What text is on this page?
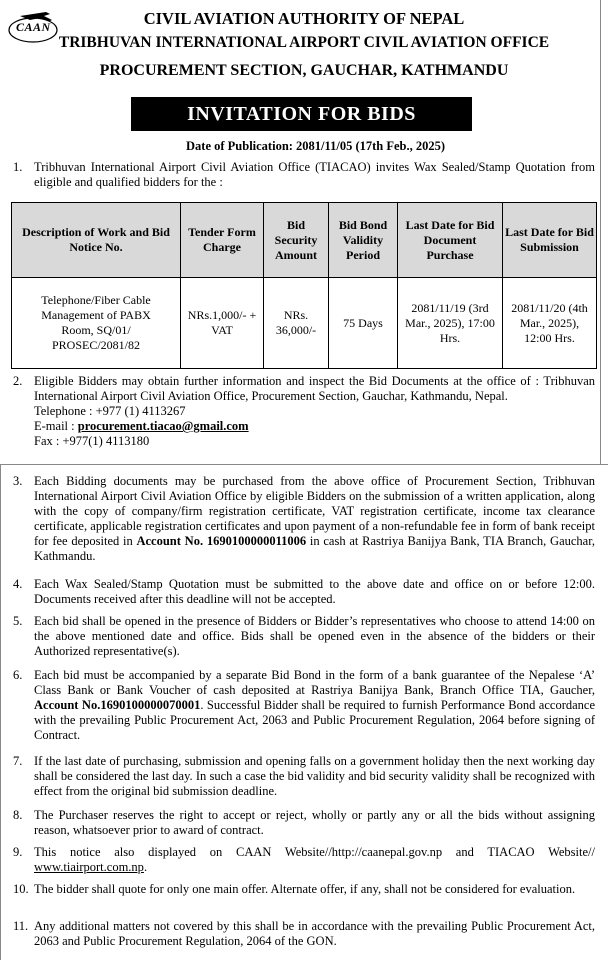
CAAN	CIVIL AVIATION AUTHORITY OF NEPAL
TRIBHUVAN INTERNATIONAL AIRPORT CIVIL AVIATION OFFICE
PROCUREMENT SECTION, GAUCHAR, KATHMANDU
INVITATION FOR BIDS
Date of Publication: 2081/11/05 (17th Feb., 2025)
1. Tribhuvan International Airport Civil Aviation Office (TIACAO) invites Wax Sealed/Stamp Quotation from eligible and qualified bidders for the :
Description of Work and Bid Notice No.	Tender Form Charge	Bid Security Amount	Bid Bond Validity Period	Last Date for Bid Document Purchase	Last Date for Bid Submission
Telephone/Fiber Cable Management of PABX Room, SQ/01/ PROSEC/2081/82	NRs.1,000/- + VAT	NRs. 36,000/-	75 Days	2081/11/19 (3rd Mar., 2025), 17:00 Hrs.	2081/11/20 (4th Mar., 2025), 12:00 Hrs.
2. Eligible Bidders may obtain further information and inspect the Bid Documents at the office of : Tribhuvan International Airport Civil Aviation Office, Procurement Section, Gauchar, Kathmandu, Nepal.
Telephone : +977 (1) 4113267
E-mail : procurement.tiacao@gmail.com
Fax : +977(1) 4113180
3. Each Bidding documents may be purchased from the above office of Procurement Section, Tribhuvan International Airport Civil Aviation Office by eligible Bidders on the submission of a written application, along with the copy of company/firm registration certificate, VAT registration certificate, income tax clearance certificate, applicable registration certificates and upon payment of a non-refundable fee in form of bank receipt for fee deposited in Account No. 1690100000011006 in cash at Rastriya Banijya Bank, TIA Branch, Gauchar, Kathmandu.
4. Each Wax Sealed/Stamp Quotation must be submitted to the above date and office on or before 12:00. Documents received after this deadline will not be accepted.
5. Each bid shall be opened in the presence of Bidders or Bidder’s representatives who choose to attend 14:00 on the above mentioned date and office. Bids shall be opened even in the absence of the bidders or their Authorized representative(s).
6. Each bid must be accompanied by a separate Bid Bond in the form of a bank guarantee of the Nepalese ‘A’ Class Bank or Bank Voucher of cash deposited at Rastriya Banijya Bank, Branch Office TIA, Gaucher, Account No.1690100000070001. Successful Bidder shall be required to furnish Performance Bond accordance with the prevailing Public Procurement Act, 2063 and Public Procurement Regulation, 2064 before signing of Contract.
7. If the last date of purchasing, submission and opening falls on a government holiday then the next working day shall be considered the last day. In such a case the bid validity and bid security validity shall be recognized with effect from the original bid submission deadline.
8. The Purchaser reserves the right to accept or reject, wholly or partly any or all the bids without assigning reason, whatsoever prior to award of contract.
9. This notice also displayed on CAAN Website//http://caanepal.gov.np and TIACAO Website// www.tiairport.com.np.
10. The bidder shall quote for only one main offer. Alternate offer, if any, shall not be considered for evaluation.
11. Any additional matters not covered by this shall be in accordance with the prevailing Public Procurement Act, 2063 and Public Procurement Regulation, 2064 of the GON.
